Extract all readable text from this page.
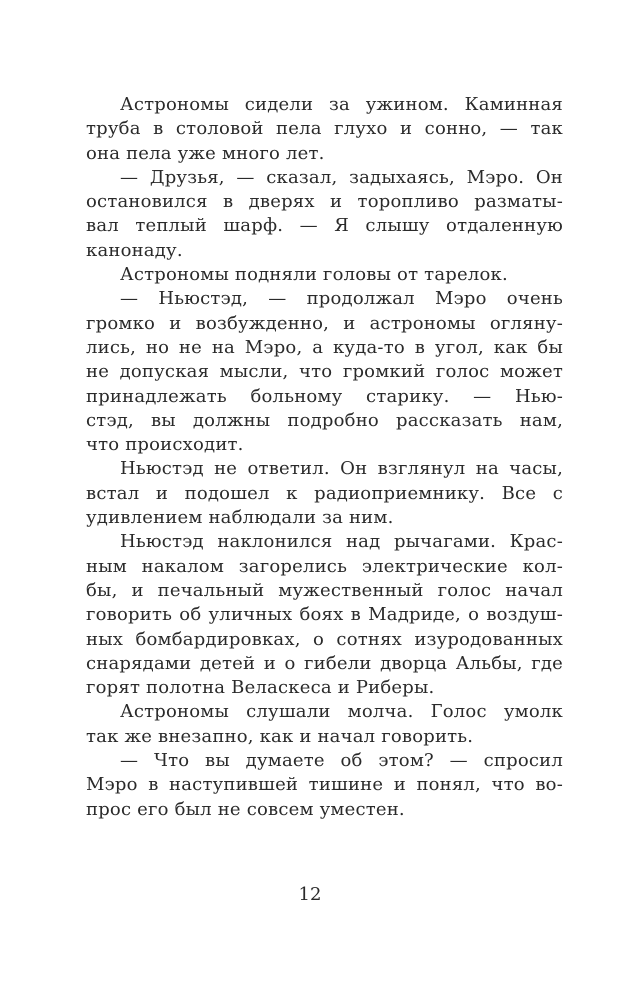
Астрономы сидели за ужином. Каминная
труба в столовой пела глухо и сонно, — так
она пела уже много лет.
— Друзья, — сказал, задыхаясь, Мэро. Он
остановился в дверях и торопливо разматы-
вал теплый шарф. — Я слышу отдаленную
канонаду.
Астрономы подняли головы от тарелок.
— Ньюстэд, — продолжал Мэро очень
громко и возбужденно, и астрономы огляну-
лись, но не на Мэро, а куда-то в угол, как бы
не допуская мысли, что громкий голос может
принадлежать больному старику. — Нью-
стэд, вы должны подробно рассказать нам,
что происходит.
Ньюстэд не ответил. Он взглянул на часы,
встал и подошел к радиоприемнику. Все с
удивлением наблюдали за ним.
Ньюстэд наклонился над рычагами. Крас-
ным накалом загорелись электрические кол-
бы, и печальный мужественный голос начал
говорить об уличных боях в Мадриде, о воздуш-
ных бомбардировках, о сотнях изуродованных
снарядами детей и о гибели дворца Альбы, где
горят полотна Веласкеса и Риберы.
Астрономы слушали молча. Голос умолк
так же внезапно, как и начал говорить.
— Что вы думаете об этом? — спросил
Мэро в наступившей тишине и понял, что во-
прос его был не совсем уместен.
12
